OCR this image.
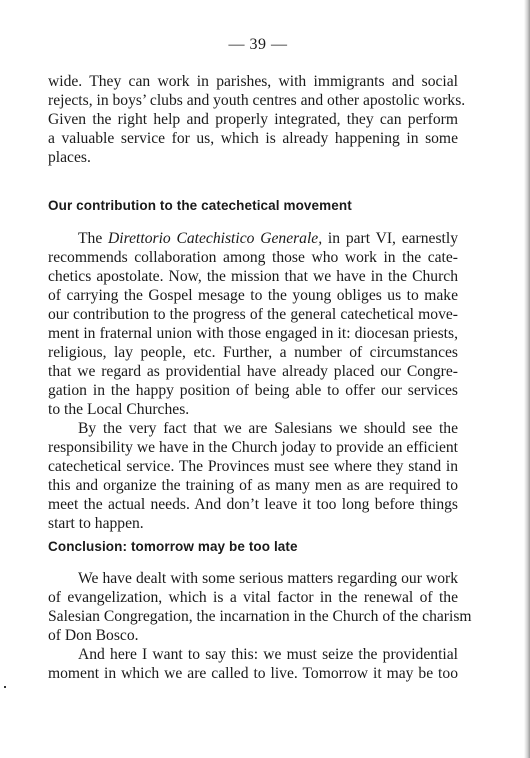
— 39 —
wide. They can work in parishes, with immigrants and social
rejects, in boys’ clubs and youth centres and other apostolic works.
Given the right help and properly integrated, they can perform
a valuable service for us, which is already happening in some
places.
Our contribution to the catechetical movement
The Direttorio Catechistico Generale, in part VI, earnestly
recommends collaboration among those who work in the cate-
chetics apostolate. Now, the mission that we have in the Church
of carrying the Gospel mesage to the young obliges us to make
our contribution to the progress of the general catechetical move-
ment in fraternal union with those engaged in it: diocesan priests,
religious, lay people, etc. Further, a number of circumstances
that we regard as providential have already placed our Congre-
gation in the happy position of being able to offer our services
to the Local Churches.
By the very fact that we are Salesians we should see the
responsibility we have in the Church joday to provide an efficient
catechetical service. The Provinces must see where they stand in
this and organize the training of as many men as are required to
meet the actual needs. And don’t leave it too long before things
start to happen.
Conclusion: tomorrow may be too late
We have dealt with some serious matters regarding our work
of evangelization, which is a vital factor in the renewal of the
Salesian Congregation, the incarnation in the Church of the charism
of Don Bosco.
And here I want to say this: we must seize the providential
moment in which we are called to live. Tomorrow it may be too
